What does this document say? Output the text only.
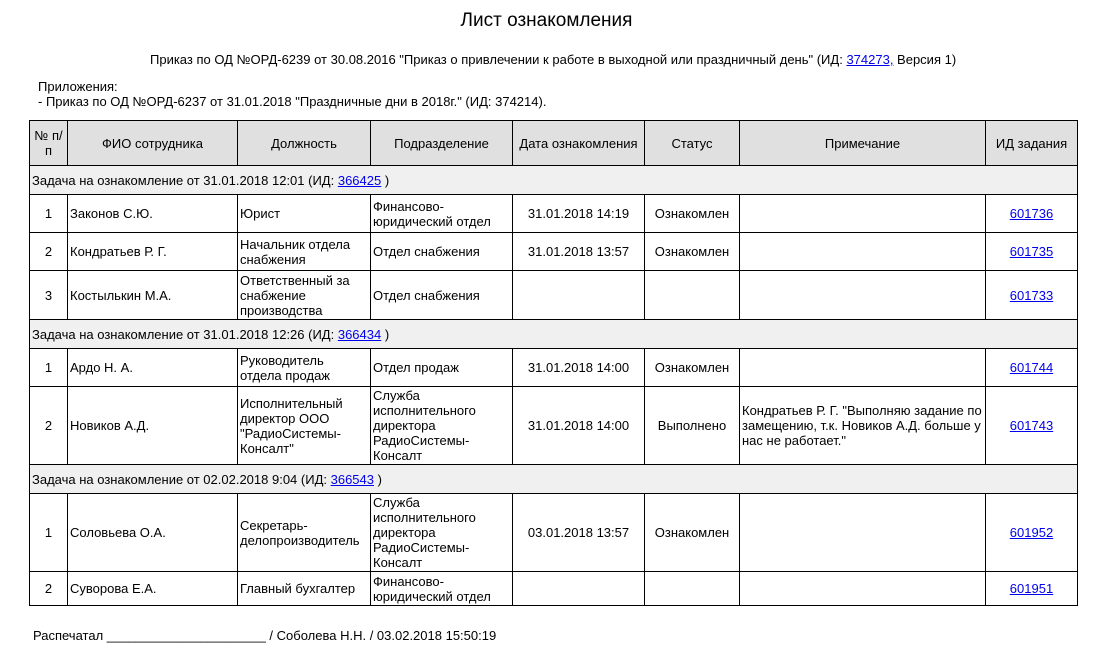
Лист ознакомления
Приказ по ОД №ОРД-6239 от 30.08.2016 "Приказ о привлечении к работе в выходной или праздничный день" (ИД: 374273, Версия 1)
Приложения:
- Приказ по ОД №ОРД-6237 от 31.01.2018 "Праздничные дни в 2018г." (ИД: 374214).
№ п/п	ФИО сотрудника	Должность	Подразделение	Дата ознакомления	Статус	Примечание	ИД задания
Задача на ознакомление от 31.01.2018 12:01 (ИД: 366425 )							
1	Законов С.Ю.	Юрист	Финансово-юридический отдел	31.01.2018 14:19	Ознакомлен		601736
2	Кондратьев Р. Г.	Начальник отдела снабжения	Отдел снабжения	31.01.2018 13:57	Ознакомлен		601735
3	Костылькин М.А.	Ответственный за снабжение производства	Отдел снабжения				601733
Задача на ознакомление от 31.01.2018 12:26 (ИД: 366434 )							
1	Ардо Н. А.	Руководитель отдела продаж	Отдел продаж	31.01.2018 14:00	Ознакомлен		601744
2	Новиков А.Д.	Исполнительный директор ООО "РадиоСистемы-Консалт"	Служба исполнительного директора РадиоСистемы-Консалт	31.01.2018 14:00	Выполнено	Кондратьев Р. Г. "Выполняю задание по замещению, т.к. Новиков А.Д. больше у нас не работает."	601743
Задача на ознакомление от 02.02.2018 9:04 (ИД: 366543 )							
1	Соловьева О.А.	Секретарь-делопроизводитель	Служба исполнительного директора РадиоСистемы-Консалт	03.01.2018 13:57	Ознакомлен		601952
2	Суворова Е.А.	Главный бухгалтер	Финансово-юридический отдел				601951
Распечатал ______________________ / Соболева Н.Н. / 03.02.2018 15:50:19
